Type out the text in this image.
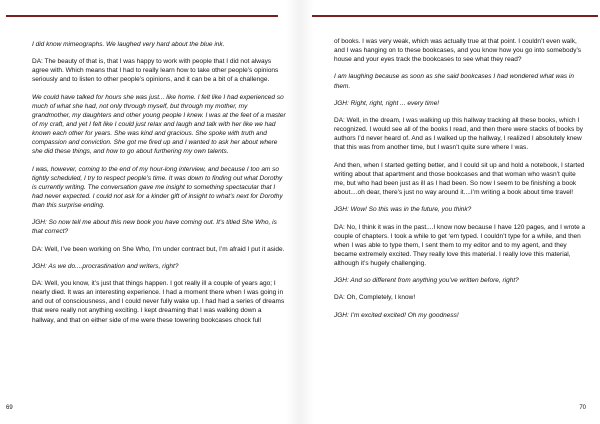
I did know mimeographs. We laughed very hard about the blue ink.

DA: The beauty of that is, that I was happy to work with people that I did not always agree with. Which means that I had to really learn how to take other people’s opinions seriously and to listen to other people’s opinions, and it can be a bit of a challenge.

We could have talked for hours she was just... like home. I felt like I had experienced so much of what she had, not only through myself, but through my mother, my grandmother, my daughters and other young people I knew. I was at the feet of a master of my craft, and yet I felt like I could just relax and laugh and talk with her like we had known each other for years. She was kind and gracious. She spoke with truth and compassion and conviction. She got me fired up and I wanted to ask her about where she did these things, and how to go about furthering my own talents.

I was, however, coming to the end of my hour-long interview, and because I too am so tightly scheduled, I try to respect people’s time. It was down to finding out what Dorothy is currently writing. The conversation gave me insight to something spectacular that I had never expected. I could not ask for a kinder gift of insight to what’s next for Dorothy than this surprise ending.

JGH: So now tell me about this new book you have coming out. It’s titled She Who, is that correct?

DA: Well, I’ve been working on She Who, I’m under contract but, I’m afraid I put it aside.

JGH: As we do....procrastination and writers, right?

DA: Well, you know, it’s just that things happen. I got really ill a couple of years ago; I nearly died. It was an interesting experience. I had a moment there when I was going in and out of consciousness, and I could never fully wake up. I had had a series of dreams that were really not anything exciting. I kept dreaming that I was walking down a hallway, and that on either side of me were these towering bookcases chock full

69

of books. I was very weak, which was actually true at that point. I couldn’t even walk, and I was hanging on to these bookcases, and you know how you go into somebody’s house and your eyes track the bookcases to see what they read?

I am laughing because as soon as she said bookcases I had wondered what was in them.

JGH: Right, right, right ... every time!

DA: Well, in the dream, I was walking up this hallway tracking all these books, which I recognized. I would see all of the books I read, and then there were stacks of books by authors I’d never heard of. And as I walked up the hallway, I realized I absolutely knew that this was from another time, but I wasn’t quite sure where I was.

And then, when I started getting better, and I could sit up and hold a notebook, I started writing about that apartment and those bookcases and that woman who wasn’t quite me, but who had been just as ill as I had been. So now I seem to be finishing a book about....oh dear, there’s just no way around it....I’m writing a book about time travel!

JGH: Wow! So this was in the future, you think?

DA: No, I think it was in the past....I know now because I have 120 pages, and I wrote a couple of chapters. I took a while to get ‘em typed. I couldn’t type for a while, and then when I was able to type them, I sent them to my editor and to my agent, and they became extremely excited. They really love this material. I really love this material, although it’s hugely challenging.

JGH: And so different from anything you’ve written before, right?

DA: Oh, Completely, I know!

JGH: I’m excited excited! Oh my goodness!

70
